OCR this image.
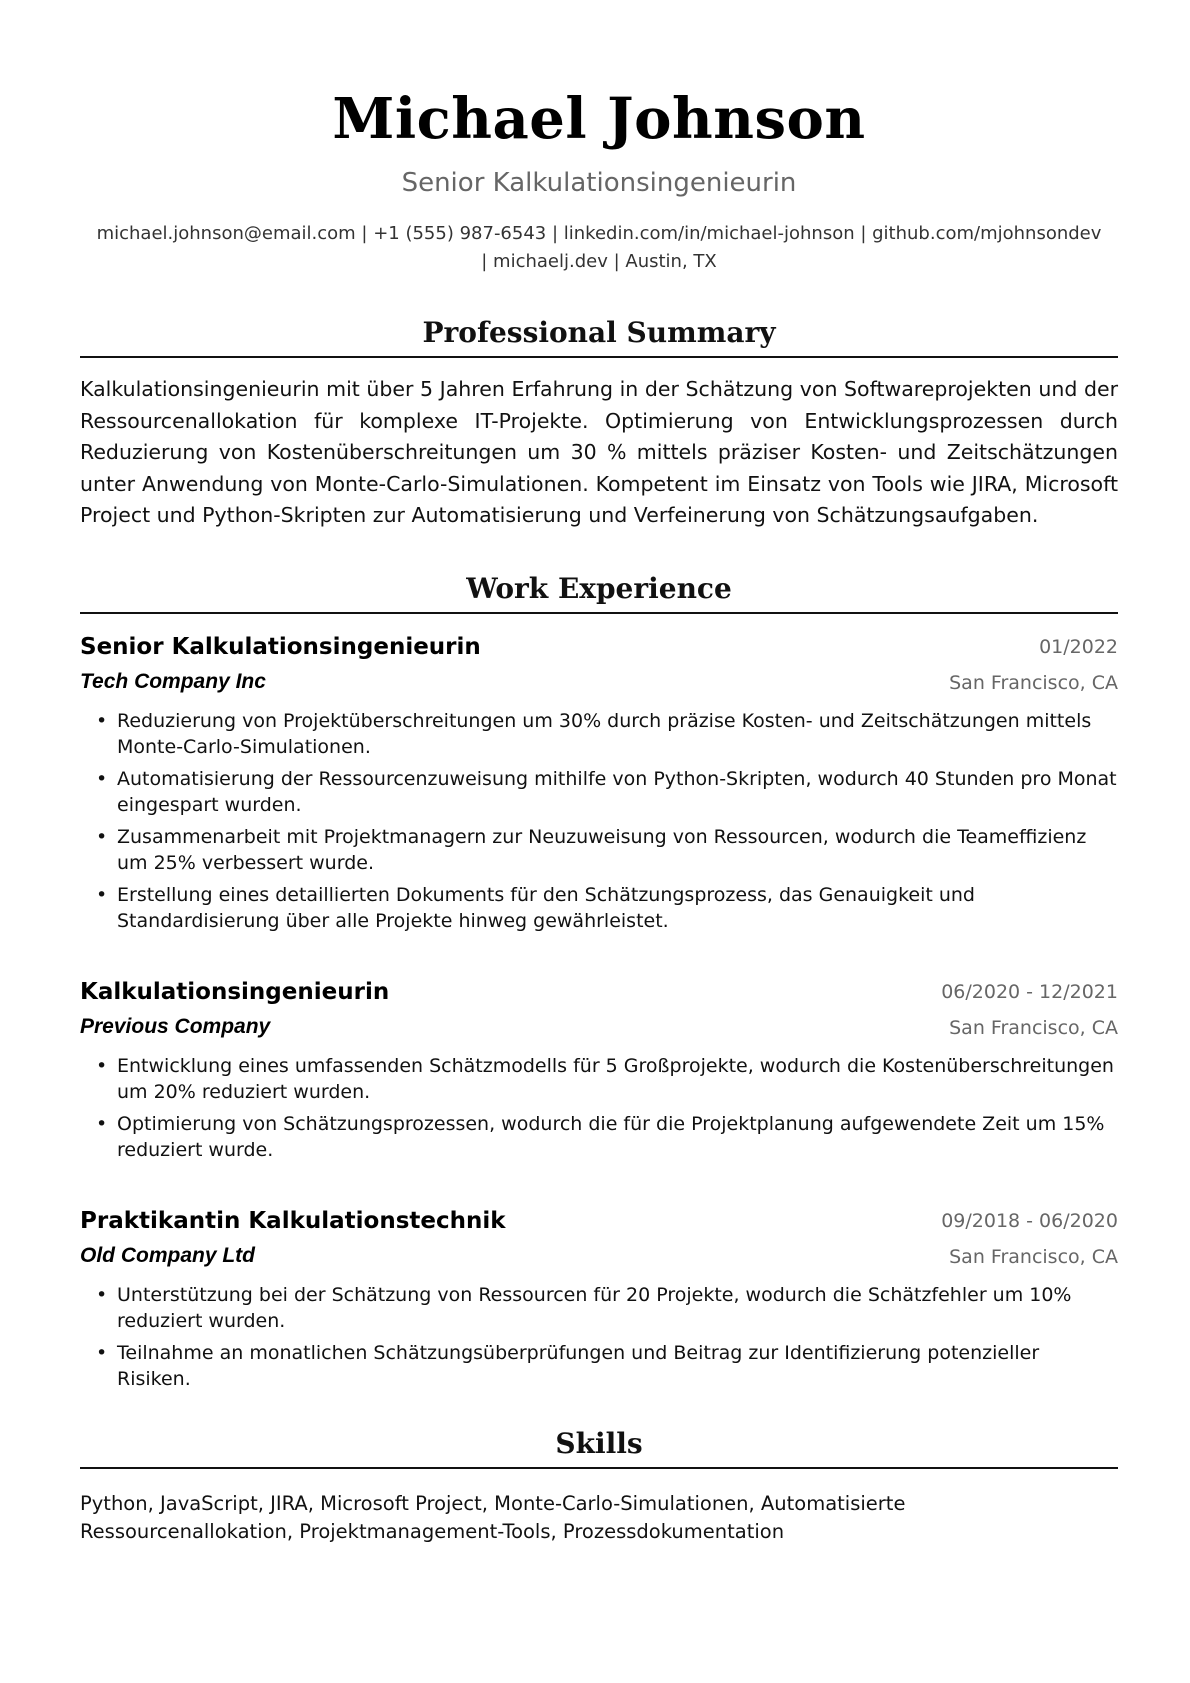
Michael Johnson
Senior Kalkulationsingenieurin
michael.johnson@email.com | +1 (555) 987-6543 | linkedin.com/in/michael-johnson | github.com/mjohnsondev
| michaelj.dev | Austin, TX
Professional Summary
Kalkulationsingenieurin mit über 5 Jahren Erfahrung in der Schätzung von Softwareprojekten und der Ressourcenallokation für komplexe IT-Projekte. Optimierung von Entwicklungsprozessen durch Reduzierung von Kostenüberschreitungen um 30 % mittels präziser Kosten- und Zeitschätzungen unter Anwendung von Monte-Carlo-Simulationen. Kompetent im Einsatz von Tools wie JIRA, Microsoft Project und Python-Skripten zur Automatisierung und Verfeinerung von Schätzungsaufgaben.
Work Experience
Senior Kalkulationsingenieurin	01/2022
Tech Company Inc	San Francisco, CA
• Reduzierung von Projektüberschreitungen um 30% durch präzise Kosten- und Zeitschätzungen mittels Monte-Carlo-Simulationen.
• Automatisierung der Ressourcenzuweisung mithilfe von Python-Skripten, wodurch 40 Stunden pro Monat eingespart wurden.
• Zusammenarbeit mit Projektmanagern zur Neuzuweisung von Ressourcen, wodurch die Teameffizienz um 25% verbessert wurde.
• Erstellung eines detaillierten Dokuments für den Schätzungsprozess, das Genauigkeit und Standardisierung über alle Projekte hinweg gewährleistet.
Kalkulationsingenieurin	06/2020 - 12/2021
Previous Company	San Francisco, CA
• Entwicklung eines umfassenden Schätzmodells für 5 Großprojekte, wodurch die Kostenüberschreitungen um 20% reduziert wurden.
• Optimierung von Schätzungsprozessen, wodurch die für die Projektplanung aufgewendete Zeit um 15% reduziert wurde.
Praktikantin Kalkulationstechnik	09/2018 - 06/2020
Old Company Ltd	San Francisco, CA
• Unterstützung bei der Schätzung von Ressourcen für 20 Projekte, wodurch die Schätzfehler um 10% reduziert wurden.
• Teilnahme an monatlichen Schätzungsüberprüfungen und Beitrag zur Identifizierung potenzieller Risiken.
Skills
Python, JavaScript, JIRA, Microsoft Project, Monte-Carlo-Simulationen, Automatisierte Ressourcenallokation, Projektmanagement-Tools, Prozessdokumentation
